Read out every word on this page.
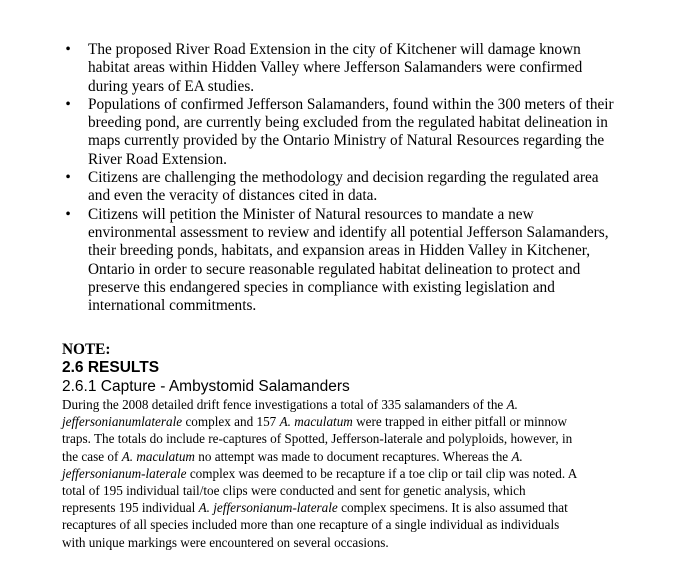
• The proposed River Road Extension in the city of Kitchener will damage known
habitat areas within Hidden Valley where Jefferson Salamanders were confirmed
during years of EA studies.
• Populations of confirmed Jefferson Salamanders, found within the 300 meters of their
breeding pond, are currently being excluded from the regulated habitat delineation in
maps currently provided by the Ontario Ministry of Natural Resources regarding the
River Road Extension.
• Citizens are challenging the methodology and decision regarding the regulated area
and even the veracity of distances cited in data.
• Citizens will petition the Minister of Natural resources to mandate a new
environmental assessment to review and identify all potential Jefferson Salamanders,
their breeding ponds, habitats, and expansion areas in Hidden Valley in Kitchener,
Ontario in order to secure reasonable regulated habitat delineation to protect and
preserve this endangered species in compliance with existing legislation and
international commitments.
NOTE:
2.6 RESULTS
2.6.1 Capture - Ambystomid Salamanders

During the 2008 detailed drift fence investigations a total of 335 salamanders of the A.
jeffersonianumlaterale complex and 157 A. maculatum were trapped in either pitfall or minnow
traps. The totals do include re-captures of Spotted, Jefferson-laterale and polyploids, however, in
the case of A. maculatum no attempt was made to document recaptures. Whereas the A.
jeffersonianum-laterale complex was deemed to be recapture if a toe clip or tail clip was noted. A
total of 195 individual tail/toe clips were conducted and sent for genetic analysis, which
represents 195 individual A. jeffersonianum-laterale complex specimens. It is also assumed that
recaptures of all species included more than one recapture of a single individual as individuals
with unique markings were encountered on several occasions.
